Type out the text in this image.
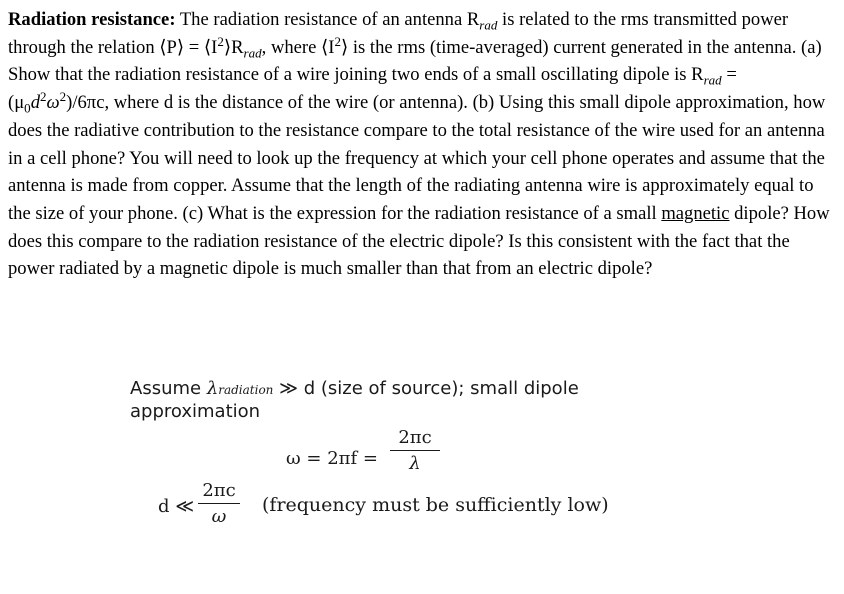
Radiation resistance: The radiation resistance of an antenna $R_{rad}$ is related to the rms transmitted power through the relation ⟨P⟩ = $⟨I^2⟩R_{rad}$, where $⟨I^2⟩$ is the rms (time-averaged) current generated in the antenna. (a) Show that the radiation resistance of a wire joining two ends of a small oscillating dipole is $R_{rad} = (\mu_0d^2\omega^2)/6\pi c$, where d is the distance of the wire (or antenna). (b) Using this small dipole approximation, how does the radiative contribution to the resistance compare to the total resistance of the wire used for an antenna in a cell phone? You will need to look up the frequency at which your cell phone operates and assume that the antenna is made from copper. Assume that the length of the radiating antenna wire is approximately equal to the size of your phone. (c) What is the expression for the radiation resistance of a small magnetic dipole? How does this compare to the radiation resistance of the electric dipole? Is this consistent with the fact that the power radiated by a magnetic dipole is much smaller than that from an electric dipole?
Assume λradiation ≫ d (size of source); small dipole approximation
$\omega = 2\pi f = \frac{2\pi c}{\lambda}$
d ≪ $\frac{2\pi c}{\omega}$ (frequency must be sufficiently low)
